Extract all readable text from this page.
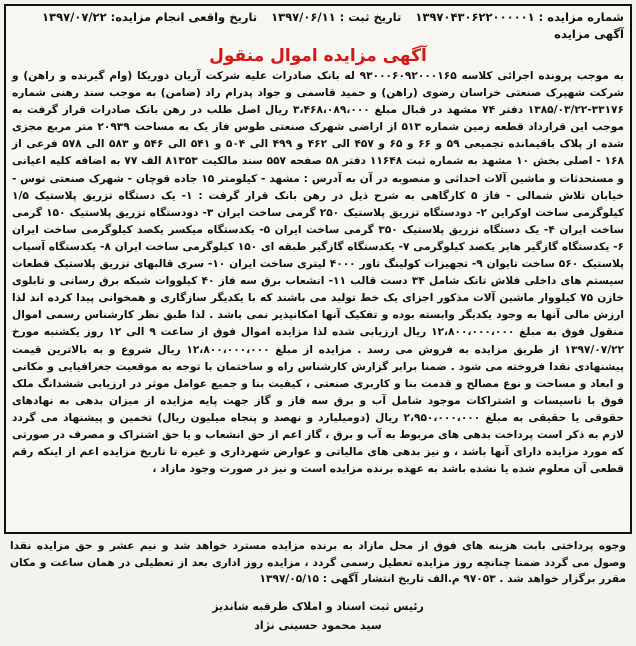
شماره مزایده : ۱۳۹۷۰۴۳۰۶۲۲۰۰۰۰۰۱ تاریخ ثبت : ۱۳۹۷/۰۶/۱۱ تاریخ واقعی انجام مزایده: ۱۳۹۷/۰۷/۲۲
آگهی مزایده
آگهی مزایده اموال منقول

به موجب پرونده اجرائی کلاسه ۹۳۰۰۰۶۰۹۲۰۰۰۱۶۵ له بانک صادرات علیه شرکت آریان دوریکا (وام گیرنده و راهن) و شرکت شهپرک صنعتی خراسان رضوی (راهن) و حمید قاسمی و جواد پدرام راد (ضامن) به موجب سند رهنی شماره ۳۳۱۷۶-۱۳۸۵/۰۳/۲۲ دفتر ۷۴ مشهد در قبال مبلغ ۳،۴۶۸،۰۸۹،۰۰۰ ریال اصل طلب در رهن بانک صادرات قرار گرفت به موجب این قرارداد قطعه زمین شماره ۵۱۳ از اراضی شهرک صنعتی طوس فاز یک به مساحت ۲۰۹۳۹ متر مربع مجزی شده از پلاک باقیمانده تجمیعی ۵۹ و ۶۶ و ۶۵ و ۴۵۷ الی ۴۶۲ و ۴۹۹ الی ۵۰۴ و ۵۴۱ الی ۵۴۶ و ۵۸۳ الی ۵۷۸ فرعی از ۱۶۸ - اصلی بخش ۱۰ مشهد به شماره ثبت ۱۱۶۴۸ دفتر ۵۸ صفحه ۵۵۷ سند مالکیت ۸۱۳۵۳ الف ۷۷ به اضافه کلیه اعیانی و مستحدثات و ماشین آلات احداثی و منصوبه در آن به آدرس : مشهد - کیلومتر ۱۵ جاده قوچان - شهرک صنعتی توس - خیابان تلاش شمالی - فاز ۵ کارگاهی به شرح ذیل در رهن بانک قرار گرفت : ۱- یک دستگاه تزریق پلاستیک ۱/۵ کیلوگرمی ساخت اوکراین ۲- دودستگاه تزریق پلاستیک ۲۵۰ گرمی ساخت ایران ۳- دودستگاه تزریق پلاستیک ۱۵۰ گرمی ساخت ایران ۴- یک دستگاه تزریق پلاستیک ۳۵۰ گرمی ساخت ایران ۵- یکدستگاه میکسر یکصد کیلوگرمی ساخت ایران ۶- یکدستگاه گازگیر هایر یکصد کیلوگرمی ۷- یکدستگاه گازگیر طبقه ای ۱۵۰ کیلوگرمی ساخت ایران ۸- یکدستگاه آسیاب پلاستیک ۵۶۰ ساخت تایوان ۹- تجهیزات کولینگ تاور ۴۰۰۰ لیتری ساخت ایران ۱۰- سری قالبهای تزریق پلاستیک قطعات سیستم های داخلی فلاش تانک شامل ۳۴ دست قالب ۱۱- انشعاب برق سه فاز ۴۰ کیلووات شبکه برق رسانی و تابلوی خازن ۷۵ کیلووار ماشین آلات مذکور اجزای یک خط تولید می باشند که با یکدیگر سازگاری و همخوانی پیدا کرده اند لذا ارزش مالی آنها به وجود یکدیگر وابسته بوده و تفکیک آنها امکانپذیر نمی باشد . لذا طبق نظر کارشناس رسمی اموال منقول فوق به مبلغ ۱۲،۸۰۰،۰۰۰،۰۰۰ ریال ارزیابی شده لذا مزایده اموال فوق از ساعت ۹ الی ۱۲ روز یکشنبه مورخ ۱۳۹۷/۰۷/۲۲ از طریق مزایده به فروش می رسد . مزایده از مبلغ ۱۲،۸۰۰،۰۰۰،۰۰۰ ریال شروع و به بالاترین قیمت پیشنهادی نقدا فروخته می شود . ضمنا برابر گزارش کارشناس راه و ساختمان با توجه به موقعیت جغرافیایی و مکانی و ابعاد و مساحت و نوع مصالح و قدمت بنا و کاربری صنعتی ، کیفیت بنا و جمیع عوامل موثر در ارزیابی ششدانگ ملک فوق با تاسیسات و اشتراکات موجود شامل آب و برق سه فاز و گاز جهت پایه مزایده از میزان بدهی به نهادهای حقوقی یا حقیقی به مبلغ ۲،۹۵۰،۰۰۰،۰۰۰ ریال (دومیلیارد و نهصد و پنجاه میلیون ریال) تخمین و پیشنهاد می گردد لازم به ذکر است پرداخت بدهی های مربوط به آب و برق ، گاز اعم از حق انشعاب و یا حق اشتراک و مصرف در صورتی که مورد مزایده دارای آنها باشد ، و نیز بدهی های مالیاتی و عوارض شهرداری و غیره تا تاریخ مزایده اعم از اینکه رقم قطعی آن معلوم شده یا نشده باشد به عهده برنده مزایده است و نیز در صورت وجود مازاد ،

وجوه پرداختی بابت هزینه های فوق از محل مازاد به برنده مزایده مسترد خواهد شد و نیم عشر و حق مزایده نقدا وصول می گردد ضمنا چنانچه روز مزایده تعطیل رسمی گردد ، مزایده روز اداری بعد از تعطیلی در همان ساعت و مکان مقرر برگزار خواهد شد . ۹۷۰۵۳ م.الف تاریخ انتشار آگهی : ۱۳۹۷/۰۵/۱۵
رئیس ثبت اسناد و املاک طرقبه شاندیز
سید محمود حسینی نژاد
